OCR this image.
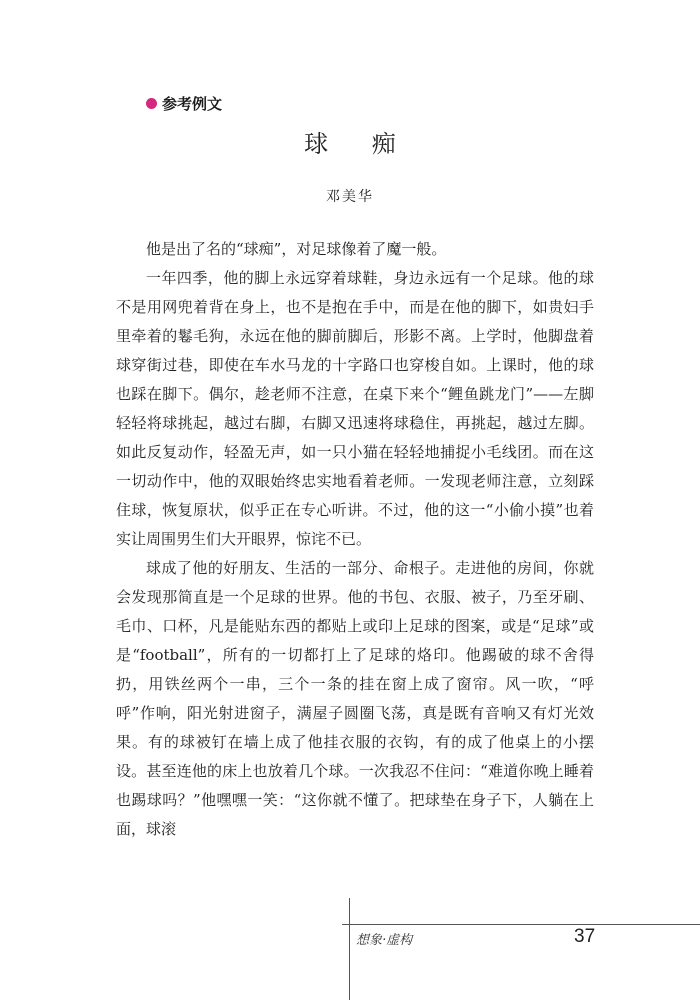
参考例文
球 痴
邓美华

他是出了名的“球痴”，对足球像着了魔一般。

一年四季，他的脚上永远穿着球鞋，身边永远有一个足球。他的球不是用网兜着背在身上，也不是抱在手中，而是在他的脚下，如贵妇手里牵着的鬈毛狗，永远在他的脚前脚后，形影不离。上学时，他脚盘着球穿街过巷，即使在车水马龙的十字路口也穿梭自如。上课时，他的球也踩在脚下。偶尔，趁老师不注意，在桌下来个“鲤鱼跳龙门”——左脚轻轻将球挑起，越过右脚，右脚又迅速将球稳住，再挑起，越过左脚。如此反复动作，轻盈无声，如一只小猫在轻轻地捕捉小毛线团。而在这一切动作中，他的双眼始终忠实地看着老师。一发现老师注意，立刻踩住球，恢复原状，似乎正在专心听讲。不过，他的这一“小偷小摸”也着实让周围男生们大开眼界，惊诧不已。

球成了他的好朋友、生活的一部分、命根子。走进他的房间，你就会发现那简直是一个足球的世界。他的书包、衣服、被子，乃至牙刷、毛巾、口杯，凡是能贴东西的都贴上或印上足球的图案，或是“足球”或是“football”，所有的一切都打上了足球的烙印。他踢破的球不舍得扔，用铁丝两个一串，三个一条的挂在窗上成了窗帘。风一吹，“呼呼”作响，阳光射进窗子，满屋子圆圈飞荡，真是既有音响又有灯光效果。有的球被钉在墙上成了他挂衣服的衣钩，有的成了他桌上的小摆设。甚至连他的床上也放着几个球。一次我忍不住问：“难道你晚上睡着也踢球吗？”他嘿嘿一笑：“这你就不懂了。把球垫在身子下，人躺在上面，球滚

想象·虚构	37
